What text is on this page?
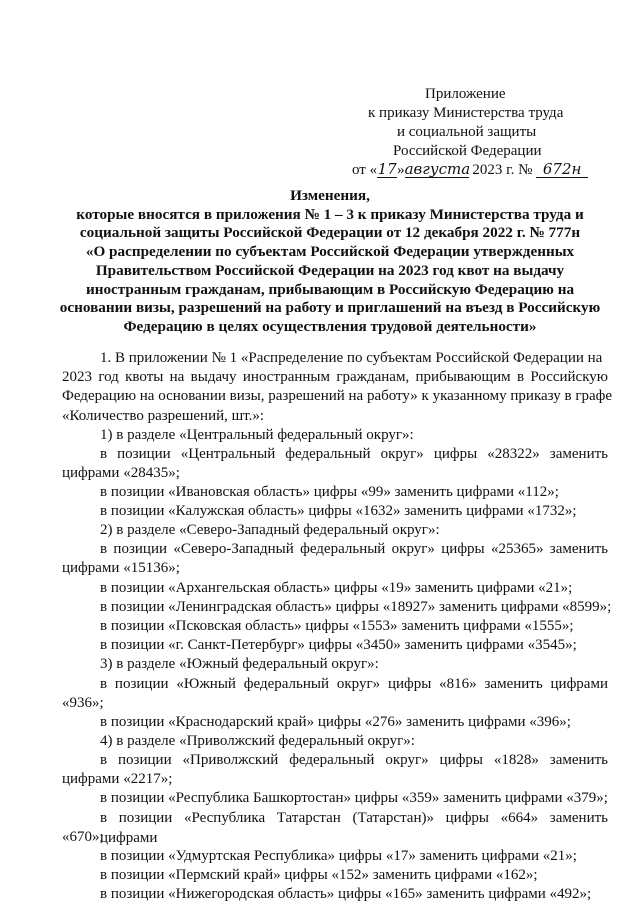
Приложение
к приказу Министерства труда
и социальной защиты
Российской Федерации
от «17»августа 2023 г. № 672н
Изменения,
которые вносятся в приложения № 1 – 3 к приказу Министерства труда и
социальной защиты Российской Федерации от 12 декабря 2022 г. № 777н
«О распределении по субъектам Российской Федерации утвержденных
Правительством Российской Федерации на 2023 год квот на выдачу
иностранным гражданам, прибывающим в Российскую Федерацию на
основании визы, разрешений на работу и приглашений на въезд в Российскую
Федерацию в целях осуществления трудовой деятельности»
1. В приложении № 1 «Распределение по субъектам Российской Федерации на
2023 год квоты на выдачу иностранным гражданам, прибывающим в Российскую
Федерацию на основании визы, разрешений на работу» к указанному приказу в графе
«Количество разрешений, шт.»:
1) в разделе «Центральный федеральный округ»:
в позиции «Центральный федеральный округ» цифры «28322» заменить
цифрами «28435»;
в позиции «Ивановская область» цифры «99» заменить цифрами «112»;
в позиции «Калужская область» цифры «1632» заменить цифрами «1732»;
2) в разделе «Северо-Западный федеральный округ»:
в позиции «Северо-Западный федеральный округ» цифры «25365» заменить
цифрами «15136»;
в позиции «Архангельская область» цифры «19» заменить цифрами «21»;
в позиции «Ленинградская область» цифры «18927» заменить цифрами «8599»;
в позиции «Псковская область» цифры «1553» заменить цифрами «1555»;
в позиции «г. Санкт-Петербург» цифры «3450» заменить цифрами «3545»;
3) в разделе «Южный федеральный округ»:
в позиции «Южный федеральный округ» цифры «816» заменить цифрами
«936»;
в позиции «Краснодарский край» цифры «276» заменить цифрами «396»;
4) в разделе «Приволжский федеральный округ»:
в позиции «Приволжский федеральный округ» цифры «1828» заменить
цифрами «2217»;
в позиции «Республика Башкортостан» цифры «359» заменить цифрами «379»;
в позиции «Республика Татарстан (Татарстан)» цифры «664» заменить цифрами
«670»;
в позиции «Удмуртская Республика» цифры «17» заменить цифрами «21»;
в позиции «Пермский край» цифры «152» заменить цифрами «162»;
в позиции «Нижегородская область» цифры «165» заменить цифрами «492»;
